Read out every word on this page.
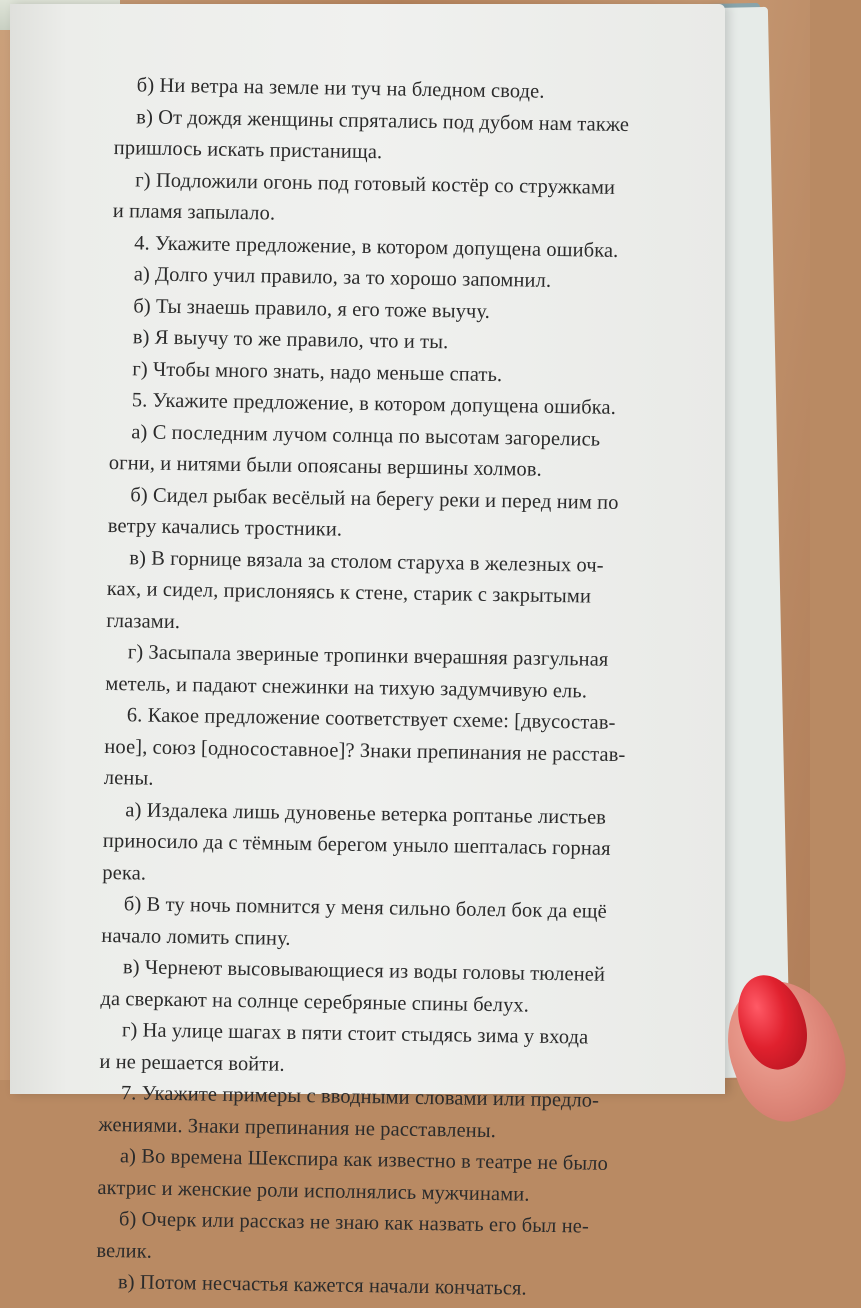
б) Ни ветра на земле ни туч на бледном своде.
в) От дождя женщины спрятались под дубом нам также
пришлось искать пристанища.
г) Подложили огонь под готовый костёр со стружками
и пламя запылало.
4. Укажите предложение, в котором допущена ошибка.
а) Долго учил правило, за то хорошо запомнил.
б) Ты знаешь правило, я его тоже выучу.
в) Я выучу то же правило, что и ты.
г) Чтобы много знать, надо меньше спать.
5. Укажите предложение, в котором допущена ошибка.
а) С последним лучом солнца по высотам загорелись
огни, и нитями были опоясаны вершины холмов.
б) Сидел рыбак весёлый на берегу реки и перед ним по
ветру качались тростники.
в) В горнице вязала за столом старуха в железных оч-
ках, и сидел, прислоняясь к стене, старик с закрытыми
глазами.
г) Засыпала звериные тропинки вчерашняя разгульная
метель, и падают снежинки на тихую задумчивую ель.
6. Какое предложение соответствует схеме: [двусостав-
ное], союз [односоставное]? Знаки препинания не расстав-
лены.
а) Издалека лишь дуновенье ветерка роптанье листьев
приносило да с тёмным берегом уныло шепталась горная
река.
б) В ту ночь помнится у меня сильно болел бок да ещё
начало ломить спину.
в) Чернеют высовывающиеся из воды головы тюленей
да сверкают на солнце серебряные спины белух.
г) На улице шагах в пяти стоит стыдясь зима у входа
и не решается войти.
7. Укажите примеры с вводными словами или предло-
жениями. Знаки препинания не расставлены.
а) Во времена Шекспира как известно в театре не было
актрис и женские роли исполнялись мужчинами.
б) Очерк или рассказ не знаю как назвать его был не-
велик.
в) Потом несчастья кажется начали кончаться.
